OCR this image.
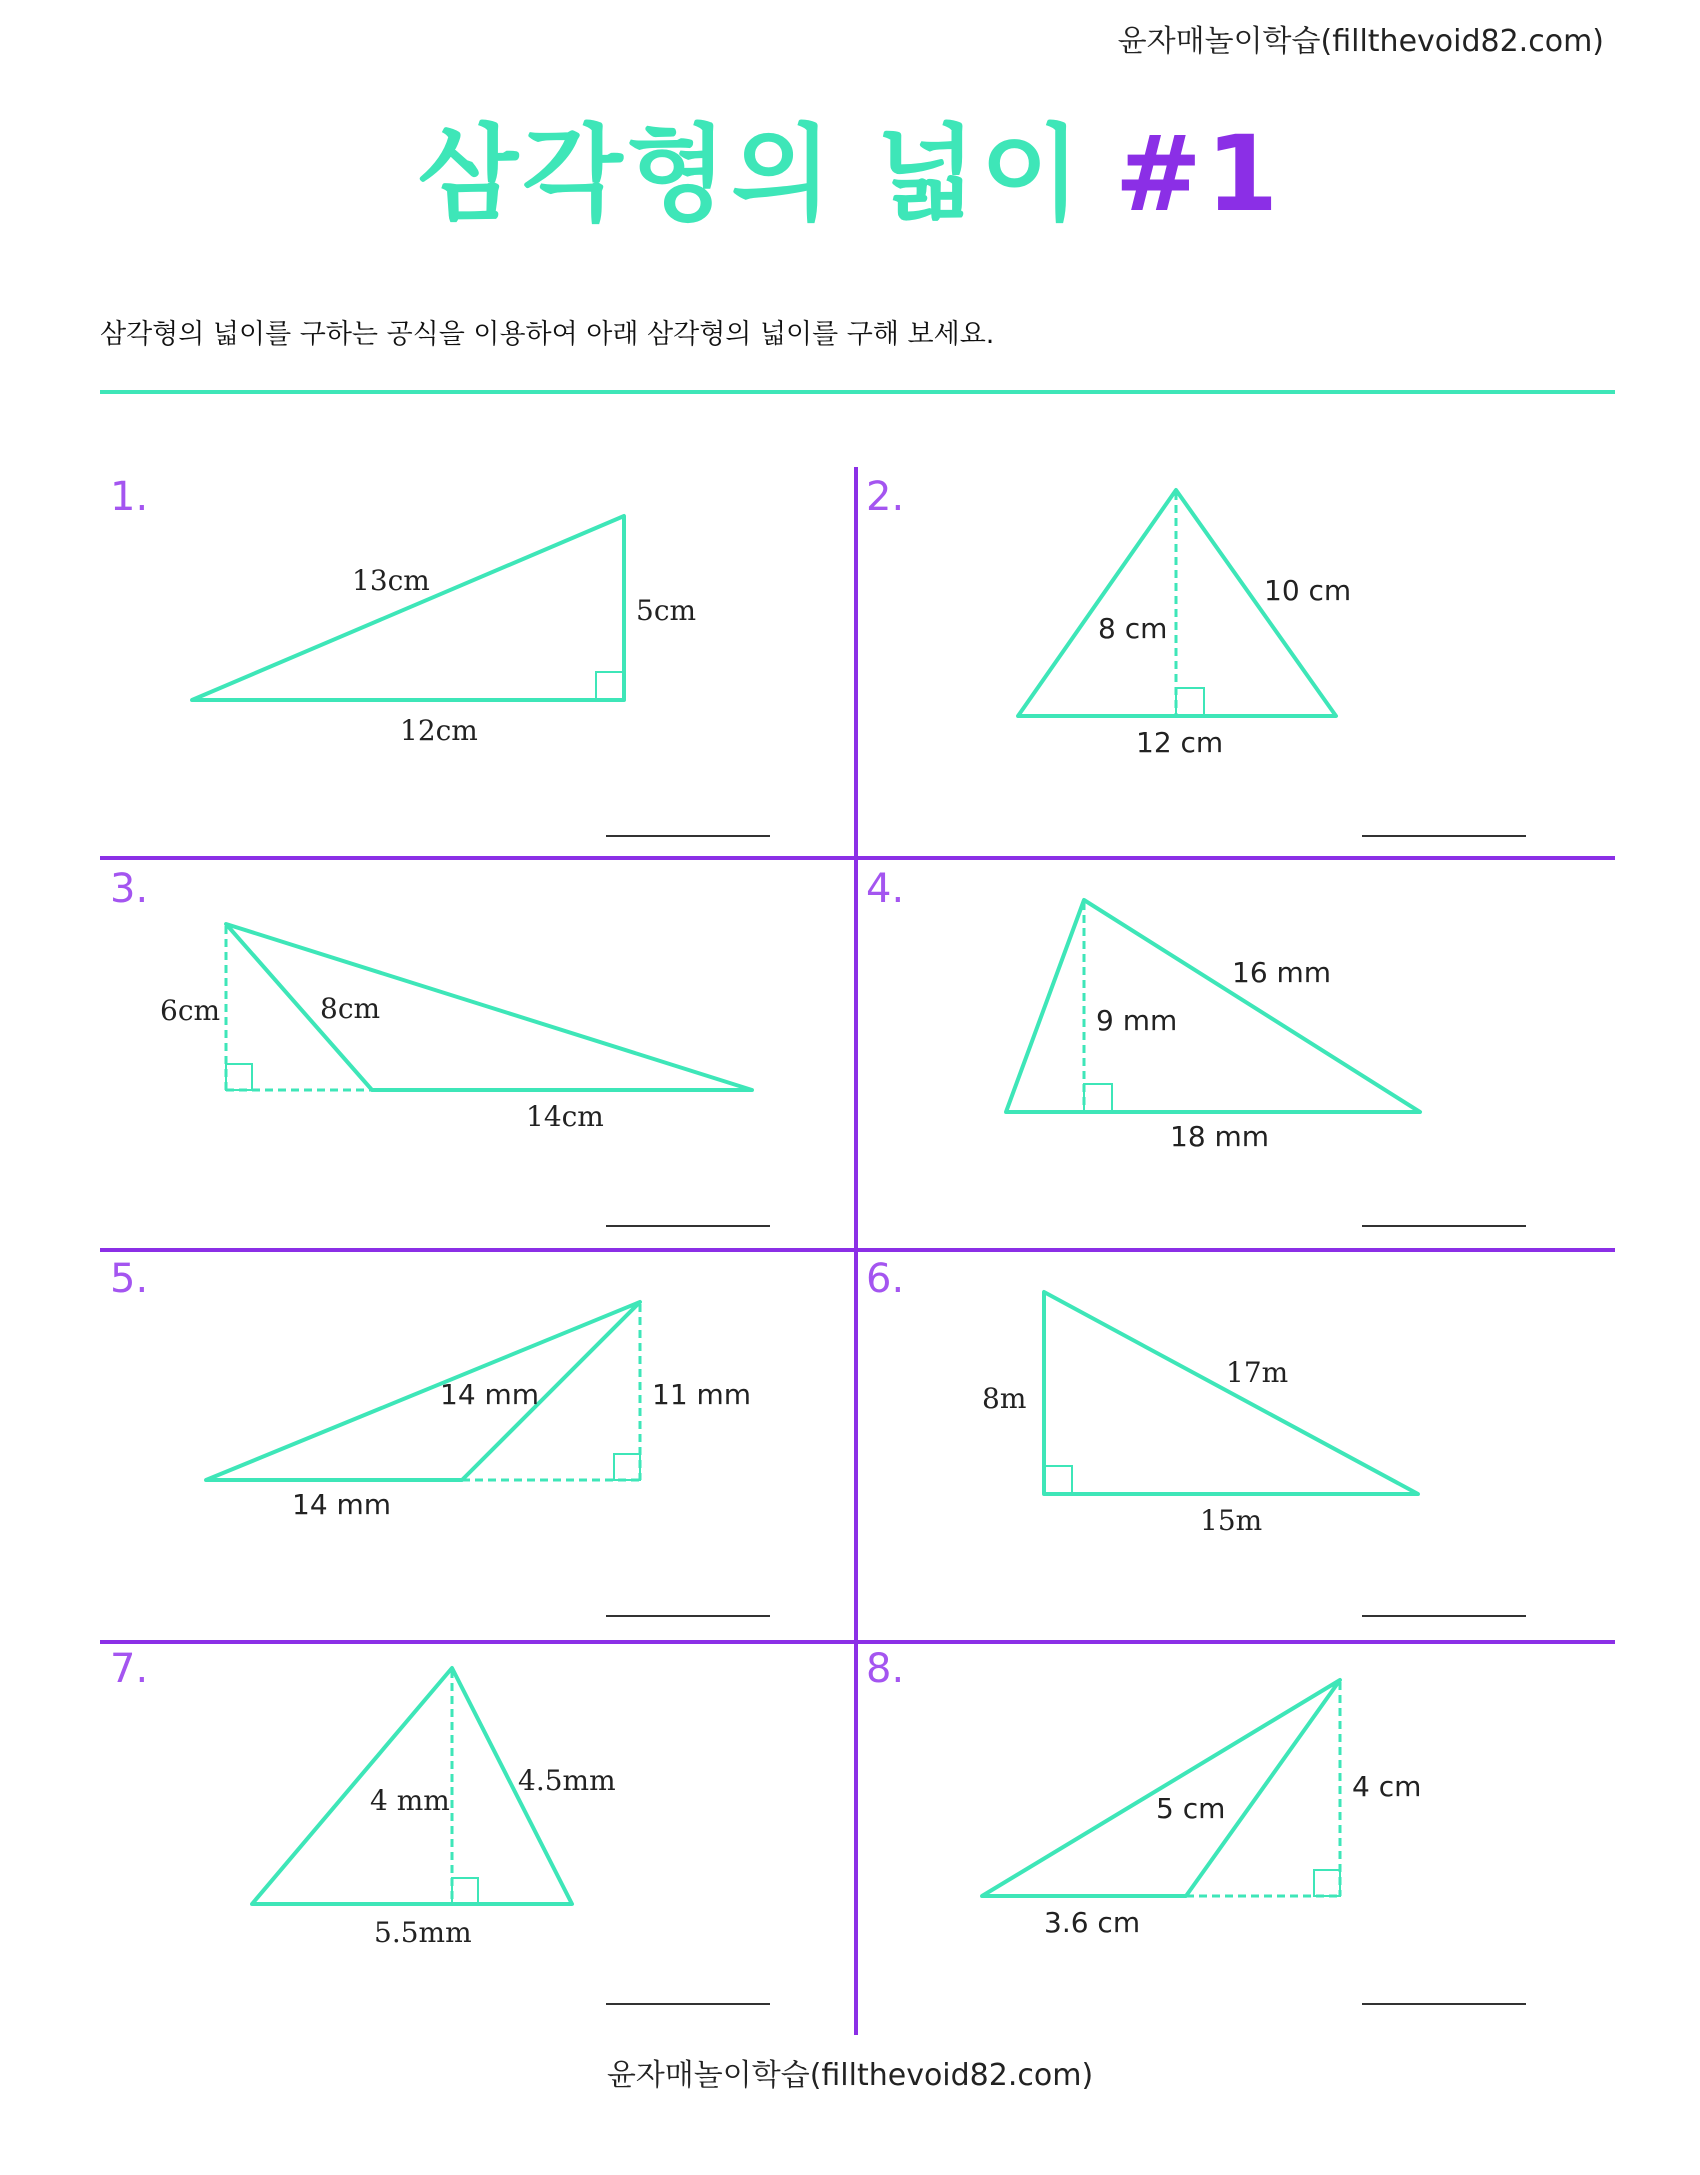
윤자매놀이학습(fillthevoid82.com)
삼각형의 넓이 #1
삼각형의 넓이를 구하는 공식을 이용하여 아래 삼각형의 넓이를 구해 보세요.
1.
13cm
5cm
12cm
2.
10 cm
8 cm
12 cm
3.
6cm	8cm
14cm
4.
16 mm
9 mm
18 mm
5.
14 mm	11 mm
14 mm
6.
17m
8m
15m
7.
4.5mm
4 mm
5.5mm
8.
4 cm
5 cm
3.6 cm
윤자매놀이학습(fillthevoid82.com)
